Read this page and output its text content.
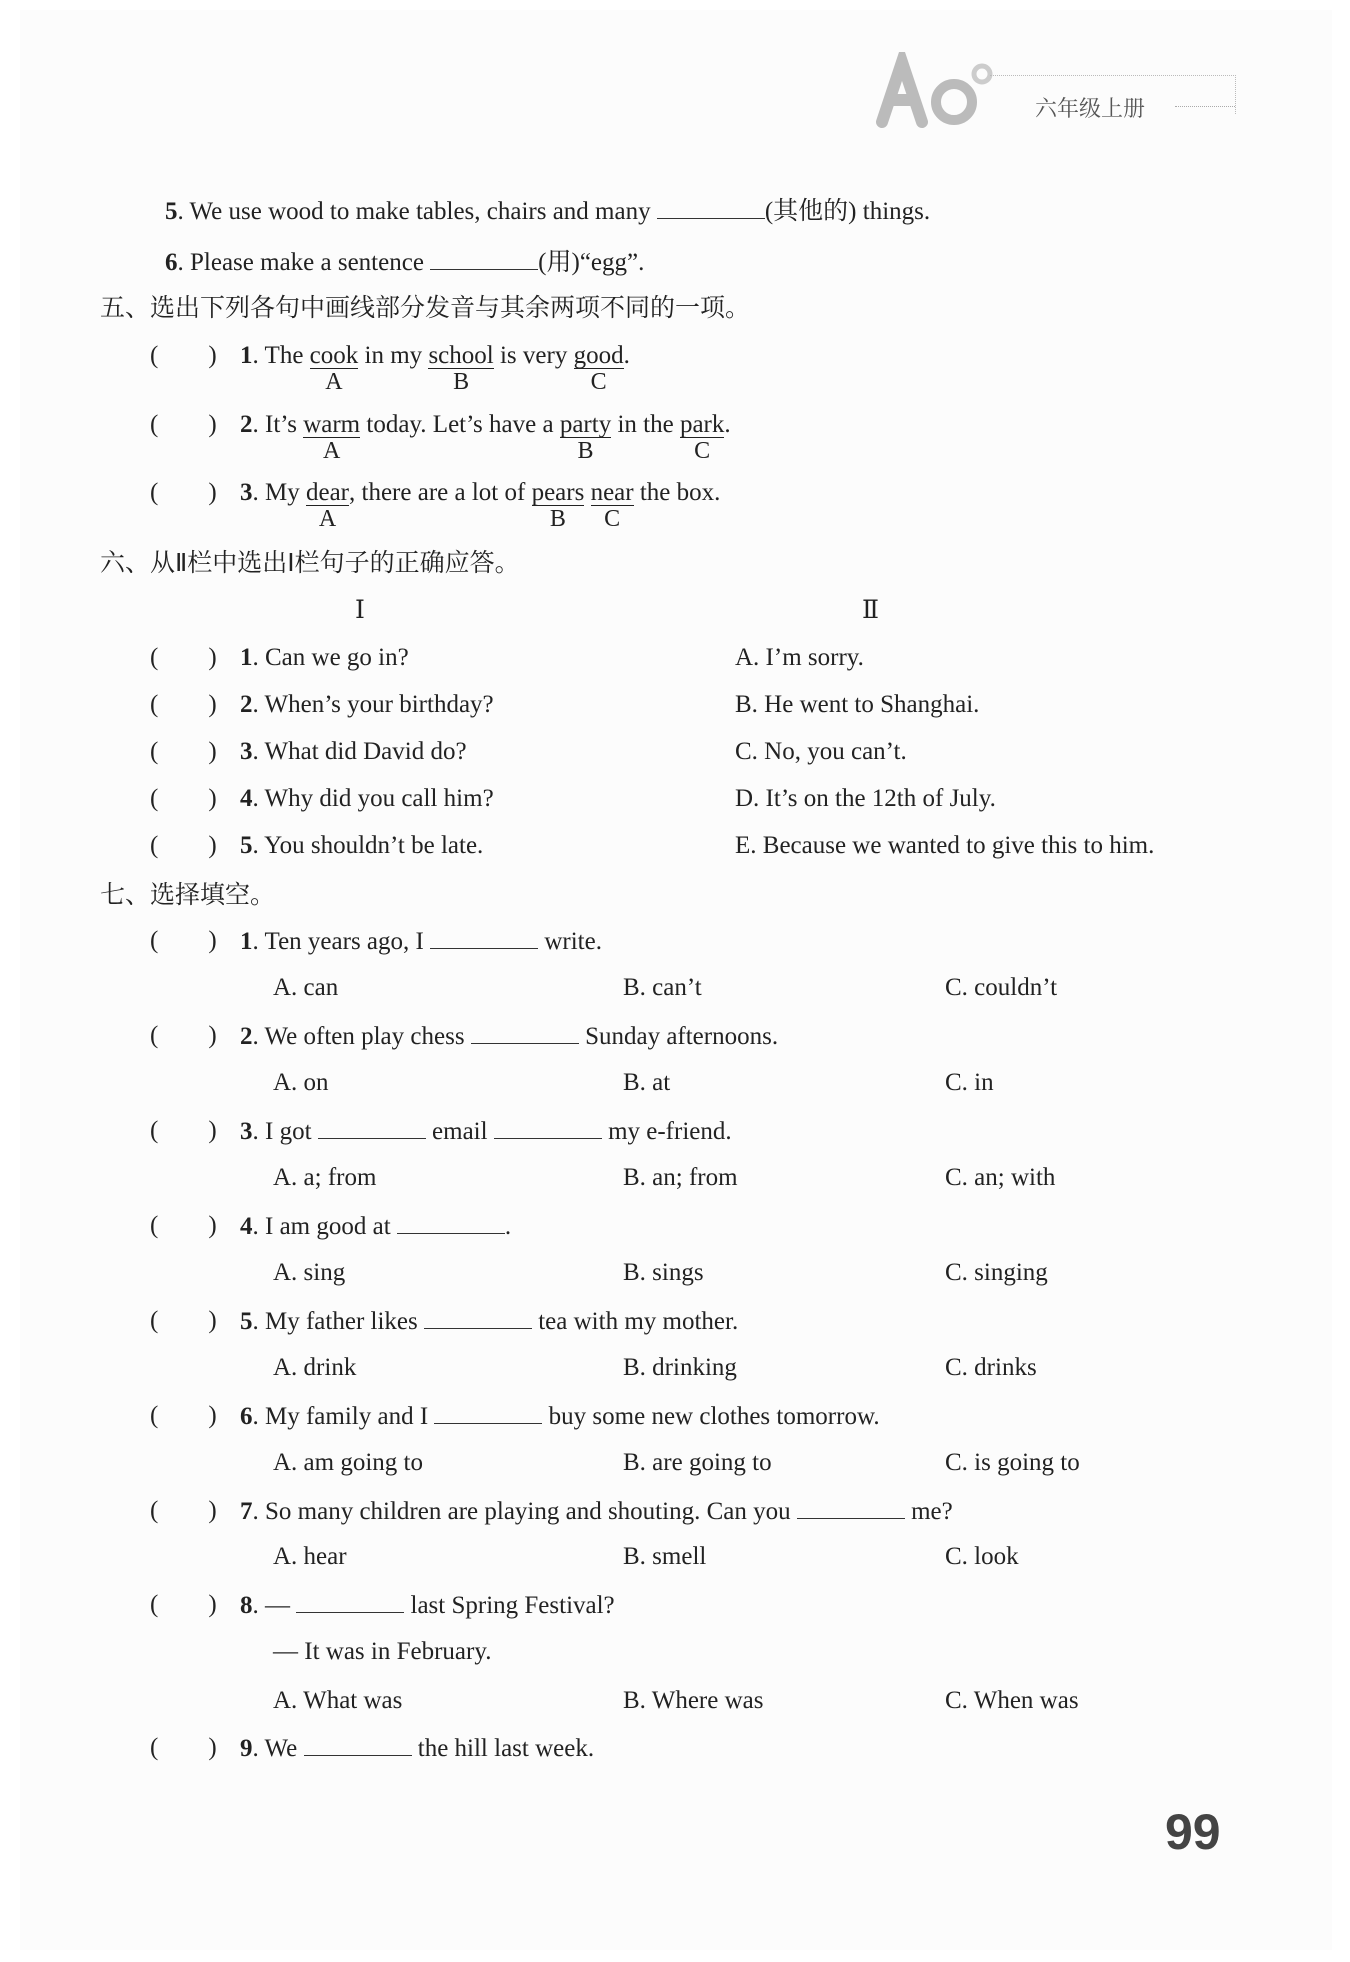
六年级上册
5. We use wood to make tables, chairs and many	(其他的) things.
6. Please make a sentence	(用)“egg”.
五、选出下列各句中画线部分发音与其余两项不同的一项。
(　　) 1. The cook
A
in my school
B
is very good
C
.
(　　) 2. It’s warm
A
today. Let’s have a party
B
in the park
C
.
(　　) 3. My dear
A
, there are a lot of pears
B
near
C
the box.
六、从Ⅱ栏中选出Ⅰ栏句子的正确应答。
Ⅰ	Ⅱ
(　　) 1. Can we go in?	A. I’m sorry.
(　　) 2. When’s your birthday?	B. He went to Shanghai.
(　　) 3. What did David do?	C. No, you can’t.
(　　) 4. Why did you call him?	D. It’s on the 12th of July.
(　　) 5. You shouldn’t be late.	E. Because we wanted to give this to him.
七、选择填空。
(　　) 1. Ten years ago, I	write.
A. can	B. can’t	C. couldn’t
(　　) 2. We often play chess	Sunday afternoons.
A. on	B. at	C. in
(　　) 3. I got	email	my e-friend.
A. a; from	B. an; from	C. an; with
(　　) 4. I am good at	.
A. sing	B. sings	C. singing
(　　) 5. My father likes	tea with my mother.
A. drink	B. drinking	C. drinks
(　　) 6. My family and I	buy some new clothes tomorrow.
A. am going to	B. are going to	C. is going to
(　　) 7. So many children are playing and shouting. Can you	me?
A. hear	B. smell	C. look
(　　) 8. —	last Spring Festival?
— It was in February.
A. What was	B. Where was	C. When was
(　　) 9. We	the hill last week.
99
